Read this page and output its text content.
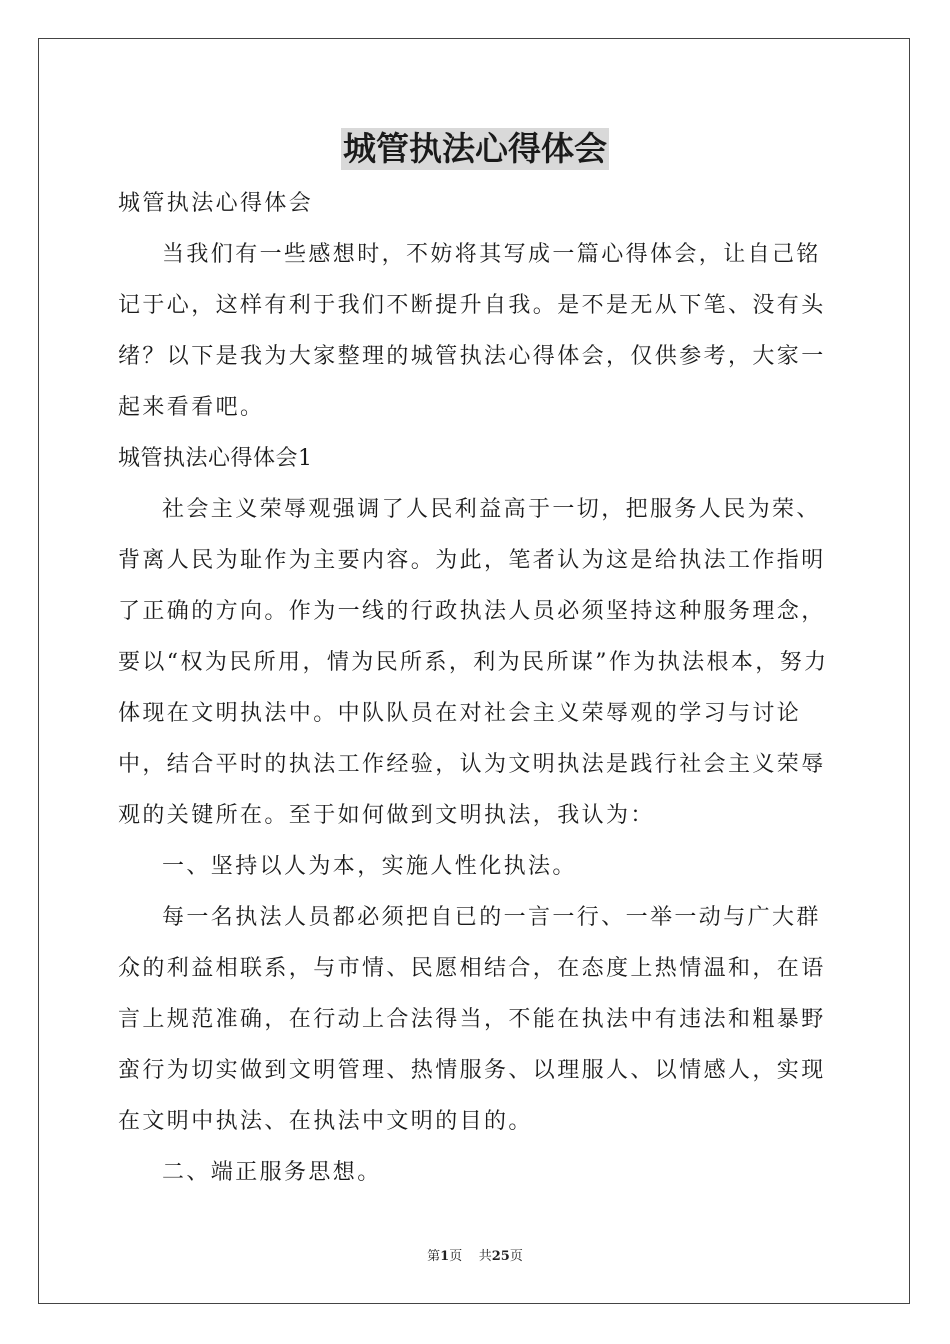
城管执法心得体会

城管执法心得体会

当我们有一些感想时，不妨将其写成一篇心得体会，让自己铭记于心，这样有利于我们不断提升自我。是不是无从下笔、没有头绪？以下是我为大家整理的城管执法心得体会，仅供参考，大家一起来看看吧。

城管执法心得体会1

社会主义荣辱观强调了人民利益高于一切，把服务人民为荣、背离人民为耻作为主要内容。为此，笔者认为这是给执法工作指明了正确的方向。作为一线的行政执法人员必须坚持这种服务理念，要以“权为民所用，情为民所系，利为民所谋”作为执法根本，努力体现在文明执法中。中队队员在对社会主义荣辱观的学习与讨论中，结合平时的执法工作经验，认为文明执法是践行社会主义荣辱观的关键所在。至于如何做到文明执法，我认为：

一、坚持以人为本，实施人性化执法。

每一名执法人员都必须把自已的一言一行、一举一动与广大群众的利益相联系，与市情、民愿相结合，在态度上热情温和，在语言上规范准确，在行动上合法得当，不能在执法中有违法和粗暴野蛮行为切实做到文明管理、热情服务、以理服人、以情感人，实现在文明中执法、在执法中文明的目的。

二、端正服务思想。

第1页 共25页
